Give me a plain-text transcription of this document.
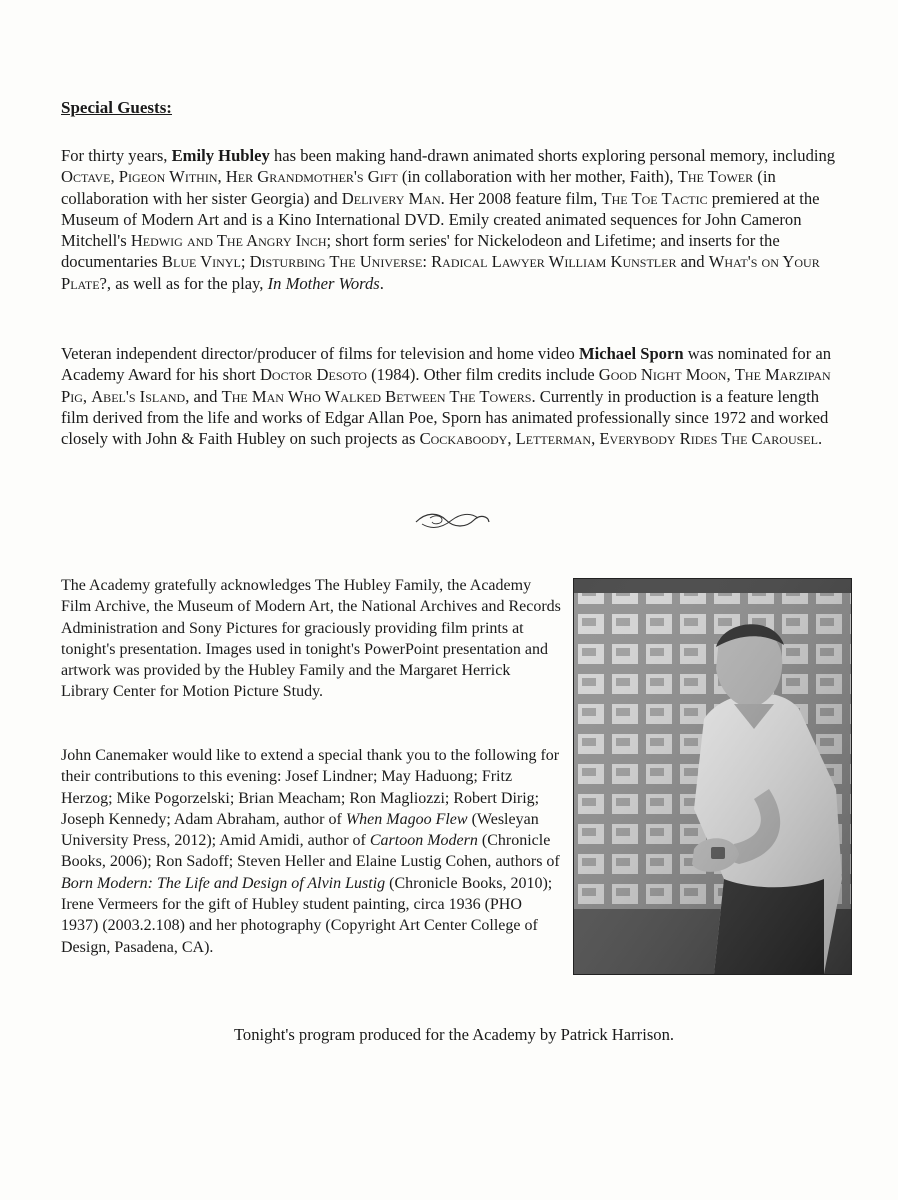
Special Guests:

For thirty years, Emily Hubley has been making hand-drawn animated shorts exploring personal memory, including Octave, Pigeon Within, Her Grandmother's Gift (in collaboration with her mother, Faith), The Tower (in collaboration with her sister Georgia) and Delivery Man. Her 2008 feature film, The Toe Tactic premiered at the Museum of Modern Art and is a Kino International DVD. Emily created animated sequences for John Cameron Mitchell's Hedwig and The Angry Inch; short form series' for Nickelodeon and Lifetime; and inserts for the documentaries Blue Vinyl; Disturbing The Universe: Radical Lawyer William Kunstler and What's on Your Plate?, as well as for the play, In Mother Words.

Veteran independent director/producer of films for television and home video Michael Sporn was nominated for an Academy Award for his short Doctor Desoto (1984). Other film credits include Good Night Moon, The Marzipan Pig, Abel's Island, and The Man Who Walked Between The Towers. Currently in production is a feature length film derived from the life and works of Edgar Allan Poe, Sporn has animated professionally since 1972 and worked closely with John & Faith Hubley on such projects as Cockaboody, Letterman, Everybody Rides The Carousel.

The Academy gratefully acknowledges The Hubley Family, the Academy Film Archive, the Museum of Modern Art, the National Archives and Records Administration and Sony Pictures for graciously providing film prints at tonight's presentation. Images used in tonight's PowerPoint presentation and artwork was provided by the Hubley Family and the Margaret Herrick Library Center for Motion Picture Study.

John Canemaker would like to extend a special thank you to the following for their contributions to this evening: Josef Lindner; May Haduong; Fritz Herzog; Mike Pogorzelski; Brian Meacham; Ron Magliozzi; Robert Dirig; Joseph Kennedy; Adam Abraham, author of When Magoo Flew (Wesleyan University Press, 2012); Amid Amidi, author of Cartoon Modern (Chronicle Books, 2006); Ron Sadoff; Steven Heller and Elaine Lustig Cohen, authors of Born Modern: The Life and Design of Alvin Lustig (Chronicle Books, 2010); Irene Vermeers for the gift of Hubley student painting, circa 1936 (PHO 1937) (2003.2.108) and her photography (Copyright Art Center College of Design, Pasadena, CA).

Tonight's program produced for the Academy by Patrick Harrison.
